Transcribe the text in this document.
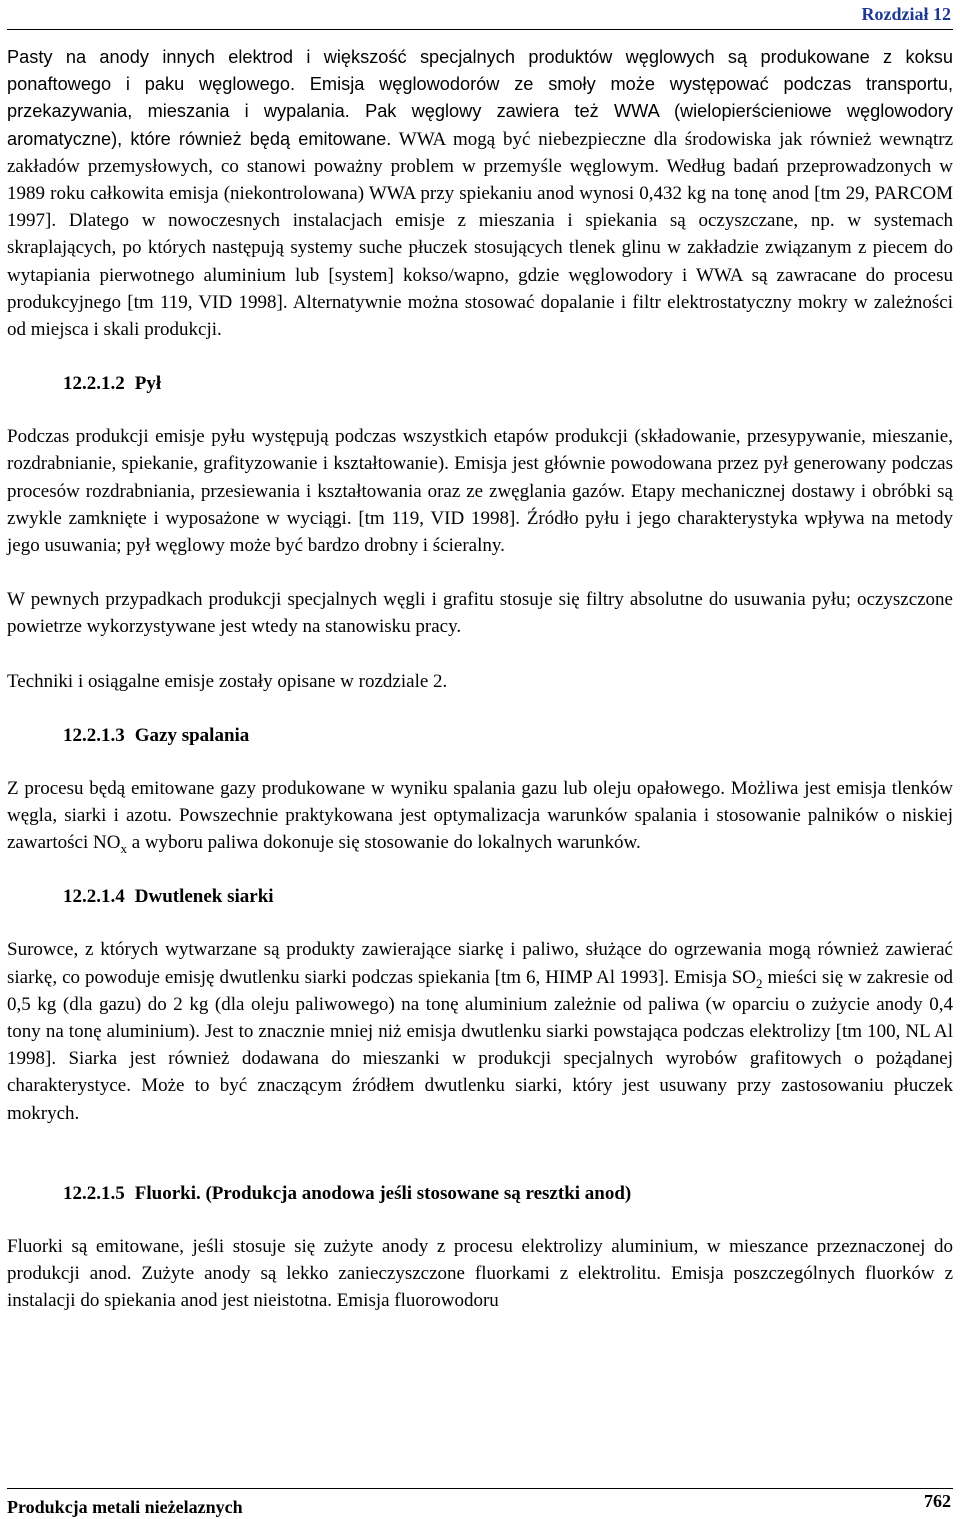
Rozdział 12

Pasty na anody innych elektrod i większość specjalnych produktów węglowych są produkowane z koksu ponaftowego i paku węglowego. Emisja węglowodorów ze smoły może występować podczas transportu, przekazywania, mieszania i wypalania. Pak węglowy zawiera też WWA (wielopierścieniowe węglowodory aromatyczne), które również będą emitowane. WWA mogą być niebezpieczne dla środowiska jak również wewnątrz zakładów przemysłowych, co stanowi poważny problem w przemyśle węglowym. Według badań przeprowadzonych w 1989 roku całkowita emisja (niekontrolowana) WWA przy spiekaniu anod wynosi 0,432 kg na tonę anod [tm 29, PARCOM 1997]. Dlatego w nowoczesnych instalacjach emisje z mieszania i spiekania są oczyszczane, np. w systemach skraplających, po których następują systemy suche płuczek stosujących tlenek glinu w zakładzie związanym z piecem do wytapiania pierwotnego aluminium lub [system] kokso/wapno, gdzie węglowodory i WWA są zawracane do procesu produkcyjnego [tm 119, VID 1998]. Alternatywnie można stosować dopalanie i filtr elektrostatyczny mokry w zależności od miejsca i skali produkcji.

12.2.1.2 Pył

Podczas produkcji emisje pyłu występują podczas wszystkich etapów produkcji (składowanie, przesypywanie, mieszanie, rozdrabnianie, spiekanie, grafityzowanie i kształtowanie). Emisja jest głównie powodowana przez pył generowany podczas procesów rozdrabniania, przesiewania i kształtowania oraz ze zwęglania gazów. Etapy mechanicznej dostawy i obróbki są zwykle zamknięte i wyposażone w wyciągi. [tm 119, VID 1998]. Źródło pyłu i jego charakterystyka wpływa na metody jego usuwania; pył węglowy może być bardzo drobny i ścieralny.

W pewnych przypadkach produkcji specjalnych węgli i grafitu stosuje się filtry absolutne do usuwania pyłu; oczyszczone powietrze wykorzystywane jest wtedy na stanowisku pracy.

Techniki i osiągalne emisje zostały opisane w rozdziale 2.

12.2.1.3 Gazy spalania

Z procesu będą emitowane gazy produkowane w wyniku spalania gazu lub oleju opałowego. Możliwa jest emisja tlenków węgla, siarki i azotu. Powszechnie praktykowana jest optymalizacja warunków spalania i stosowanie palników o niskiej zawartości $NO_x$ a wyboru paliwa dokonuje się stosowanie do lokalnych warunków.

12.2.1.4 Dwutlenek siarki

Surowce, z których wytwarzane są produkty zawierające siarkę i paliwo, służące do ogrzewania mogą również zawierać siarkę, co powoduje emisję dwutlenku siarki podczas spiekania [tm 6, HIMP Al 1993]. Emisja $SO_2$ mieści się w zakresie od 0,5 kg (dla gazu) do 2 kg (dla oleju paliwowego) na tonę aluminium zależnie od paliwa (w oparciu o zużycie anody 0,4 tony na tonę aluminium). Jest to znacznie mniej niż emisja dwutlenku siarki powstająca podczas elektrolizy [tm 100, NL Al 1998]. Siarka jest również dodawana do mieszanki w produkcji specjalnych wyrobów grafitowych o pożądanej charakterystyce. Może to być znaczącym źródłem dwutlenku siarki, który jest usuwany przy zastosowaniu płuczek mokrych.

12.2.1.5 Fluorki. (Produkcja anodowa jeśli stosowane są resztki anod)

Fluorki są emitowane, jeśli stosuje się zużyte anody z procesu elektrolizy aluminium, w mieszance przeznaczonej do produkcji anod. Zużyte anody są lekko zanieczyszczone fluorkami z elektrolitu. Emisja poszczególnych fluorków z instalacji do spiekania anod jest nieistotna. Emisja fluorowodoru

Produkcja metali nieżelaznych	762
